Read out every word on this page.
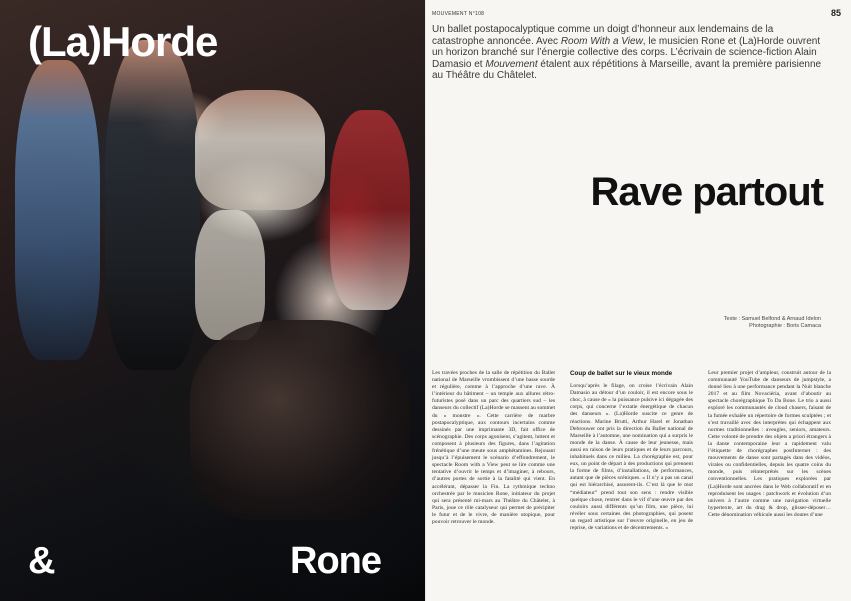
(La)Horde
&	Rone
MOUVEMENT N°108	85
Un ballet postapocalyptique comme un doigt d’honneur aux lendemains de la catastrophe annoncée. Avec Room With a View, le musicien Rone et (La)Horde ouvrent un horizon branché sur l’énergie collective des corps. L’écrivain de science-fiction Alain Damasio et Mouvement étalent aux répétitions à Marseille, avant la première parisienne au Théâtre du Châtelet.
Rave partout
Texte : Samuel Belfond & Arnaud Idelon
Photographie : Boris Camaca

Les travées proches de la salle de répétition du Ballet national de Marseille vrombissent d’une basse sourde et régulière, comme à l’approche d’une rave. À l’intérieur du bâtiment – un temple aux allures rétro-futuristes posé dans un parc des quartiers sud – les danseurs du collectif (La)Horde se massent au sommet du « monstre ». Cette carrière de marbre postapocalyptique, aux contours incertains comme dessinés par une imprimante 3D, fait office de scénographie. Des corps agonisent, s’agitent, luttent et composent à plusieurs des figures, dans l’agitation frénétique d’une meute sous amphétamines. Rejouant jusqu’à l’épuisement le scénario d’effondrement, le spectacle Room with a View peut se lire comme une tentative d’ouvrir le temps et d’imaginer, à rebours, d’autres portes de sortie à la fatalité qui vient. En accélérant, dépasser la Fin. La rythmique techno orchestrée par le musicien Rone, initiateur du projet qui sera présenté mi-mars au Théâtre du Châtelet, à Paris, joue ce rôle catalyseur qui permet de précipiter le futur et de le vivre, de manière utopique, pour pouvoir retrouver le monde.

Coup de ballet sur le vieux monde

Lorsqu’après le filage, on croise l’écrivain Alain Damasio au détour d’un couloir, il est encore sous le choc, à cause de « la puissance pulsive ici dégagée des corps, qui concerne l’extatie énergétique de chacun des danseurs ». (La)Horde suscite ce genre de réactions. Marine Brutti, Arthur Harel et Jonathan Debrouwer ont pris la direction du Ballet national de Marseille à l’automne, une nomination qui a surpris le monde de la danse. À cause de leur jeunesse, mais aussi en raison de leurs pratiques et de leurs parcours, inhabituels dans ce milieu. La chorégraphie est, pour eux, un point de départ à des productions qui prennent la forme de films, d’installations, de performances, autant que de pièces scéniques. « Il n’y a pas un canal qui est hiérarchisé, assurent-ils. C’est là que le mot “médiateur” prend tout son sens : rendre visible quelque chose, rentrer dans le vif d’une œuvre par des couloirs aussi différents qu’un film, une pièce, lui révéler sous certaines des photographies, qui posent un regard artistique sur l’œuvre originelle, en jeu de reprise, de variations et de décentrements. »

Leur premier projet d’ampleur, construit autour de la communauté YouTube de danseurs de jumpstyle, a donné lieu à une performance pendant la Nuit blanche 2017 et au film Novaciéria, avant d’aboutir au spectacle chorégraphique To Da Bone. Le trio a aussi exploré les communautés de cloud chasers, faisant de la fumée exhalée un répertoire de formes sculptées ; et s’est travaillé avec des interprètes qui échappent aux normes traditionnelles : aveugles, seniors, amateurs. Cette volonté de prendre des objets a priori étrangers à la danse contemporaine leur a rapidement valu l’étiquette de chorégraphes postInternet : des mouvements de danse sont partagés dans des vidéos, virales ou confidentielles, depuis les quatre coins du monde, puis réinterprétés sur les scènes conventionnelles. Les pratiques explorées par (La)Horde sont ancrées dans le Web collaboratif et en reproduisent les usages : patchwork et évolution d’un univers à l’autre comme une navigation virtuelle hypertexte, art du drag & drop, glisser-déposer… Cette dénomination véhicule aussi les doutes d’une
